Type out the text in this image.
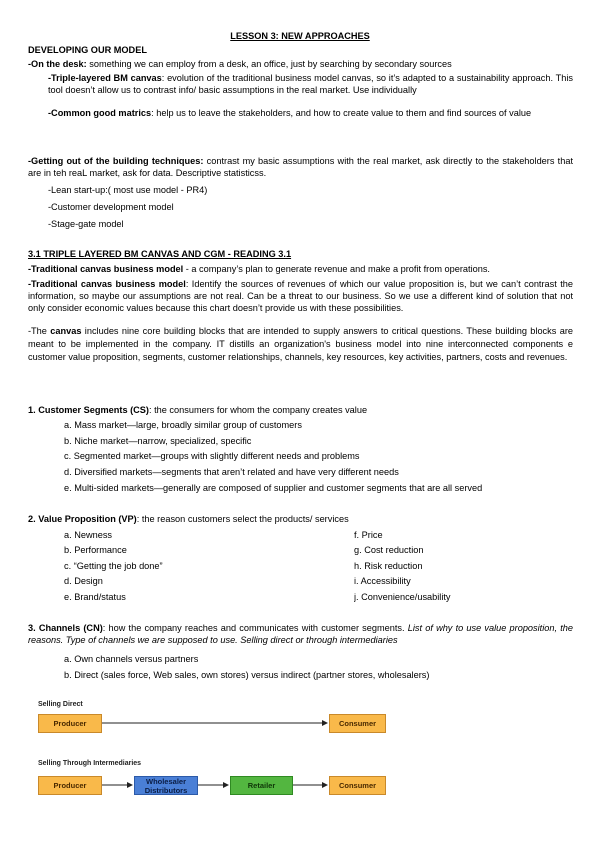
LESSON 3: NEW APPROACHES
DEVELOPING OUR MODEL
-On the desk: something we can employ from a desk, an office, just by searching by secondary sources
-Triple-layered BM canvas: evolution of the traditional business model canvas, so it’s adapted to a sustainability approach. This tool doesn’t allow us to contrast info/ basic assumptions in the real market. Use individually
-Common good matrics: help us to leave the stakeholders, and how to create value to them and find sources of value
-Getting out of the building techniques: contrast my basic assumptions with the real market, ask directly to the stakeholders that are in teh reaL market, ask for data. Descriptive statisticss.
-Lean start-up:( most use model - PR4)
-Customer development model
-Stage-gate model
3.1 TRIPLE LAYERED BM CANVAS AND CGM - READING 3.1
-Traditional canvas business model - a company’s plan to generate revenue and make a profit from operations.
-Traditional canvas business model: Identify the sources of revenues of which our value proposition is, but we can’t contrast the information, so maybe our assumptions are not real. Can be a threat to our business. So we use a different kind of solution that not only consider economic values because this chart doesn’t provide us with these possibilities.
-The canvas includes nine core building blocks that are intended to supply answers to critical questions. These building blocks are meant to be implemented in the company. IT distills an organization's business model into nine interconnected components e customer value proposition, segments, customer relationships, channels, key resources, key activities, partners, costs and revenues.
1. Customer Segments (CS): the consumers for whom the company creates value
a. Mass market—large, broadly similar group of customers
b. Niche market—narrow, specialized, specific
c. Segmented market—groups with slightly different needs and problems
d. Diversified markets—segments that aren’t related and have very different needs
e. Multi-sided markets—generally are composed of supplier and customer segments that are all served
2. Value Proposition (VP): the reason customers select the products/ services
a. Newness
b. Performance
c. “Getting the job done”
d. Design
e. Brand/status
f. Price
g. Cost reduction
h. Risk reduction
i. Accessibility
j. Convenience/usability
3. Channels (CN): how the company reaches and communicates with customer segments. List of why to use value proposition, the reasons. Type of channels we are supposed to use. Selling direct or through intermediaries
a. Own channels versus partners
b. Direct (sales force, Web sales, own stores) versus indirect (partner stores, wholesalers)
Selling Direct
Producer	Consumer
Selling Through Intermediaries
Producer	Wholesaler Distributors	Retailer	Consumer
